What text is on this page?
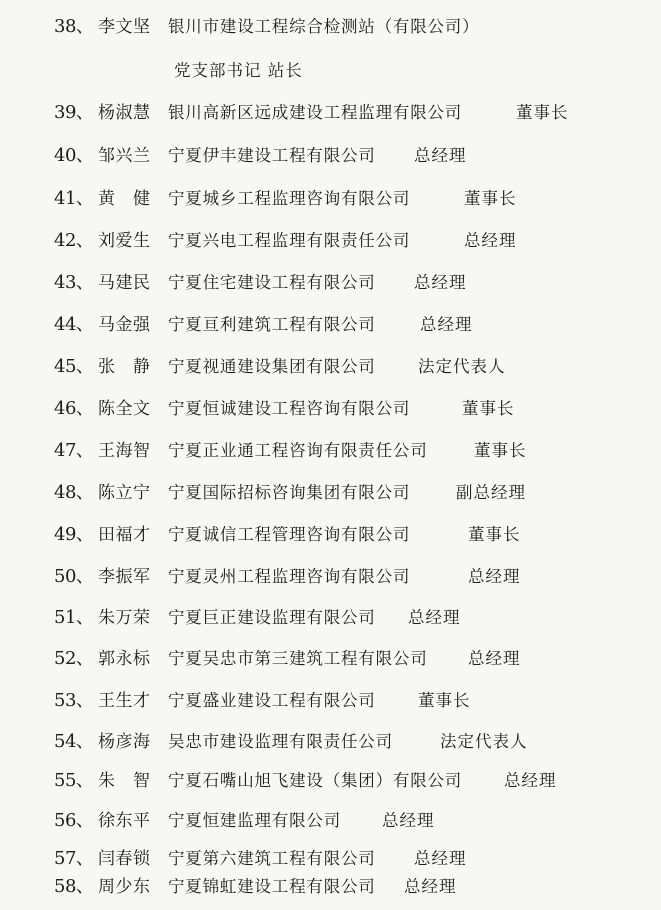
38、 李文坚 银川市建设工程综合检测站（有限公司）
党支部书记 站长
39、 杨淑慧 银川高新区远成建设工程监理有限公司	董事长
40、 邹兴兰 宁夏伊丰建设工程有限公司 总经理
41、 黄　健 宁夏城乡工程监理咨询有限公司	董事长
42、 刘爱生 宁夏兴电工程监理有限责任公司	总经理
43、 马建民 宁夏住宅建设工程有限公司 总经理
44、 马金强 宁夏亘利建筑工程有限公司	总经理
45、 张　静 宁夏视通建设集团有限公司	法定代表人
46、 陈全文 宁夏恒诚建设工程咨询有限公司	董事长
47、 王海智 宁夏正业通工程咨询有限责任公司	董事长
48、 陈立宁 宁夏国际招标咨询集团有限公司	副总经理
49、 田福才 宁夏诚信工程管理咨询有限公司	董事长
50、 李振军 宁夏灵州工程监理咨询有限公司	总经理
51、 朱万荣 宁夏巨正建设监理有限公司 总经理
52、 郭永标 宁夏吴忠市第三建筑工程有限公司 总经理
53、 王生才 宁夏盛业建设工程有限公司	董事长
54、 杨彦海 吴忠市建设监理有限责任公司	法定代表人
55、 朱　智 宁夏石嘴山旭飞建设（集团）有限公司	总经理
56、 徐东平 宁夏恒建监理有限公司 总经理
57、 闫春锁 宁夏第六建筑工程有限公司 总经理
58、 周少东 宁夏锦虹建设工程有限公司 总经理
